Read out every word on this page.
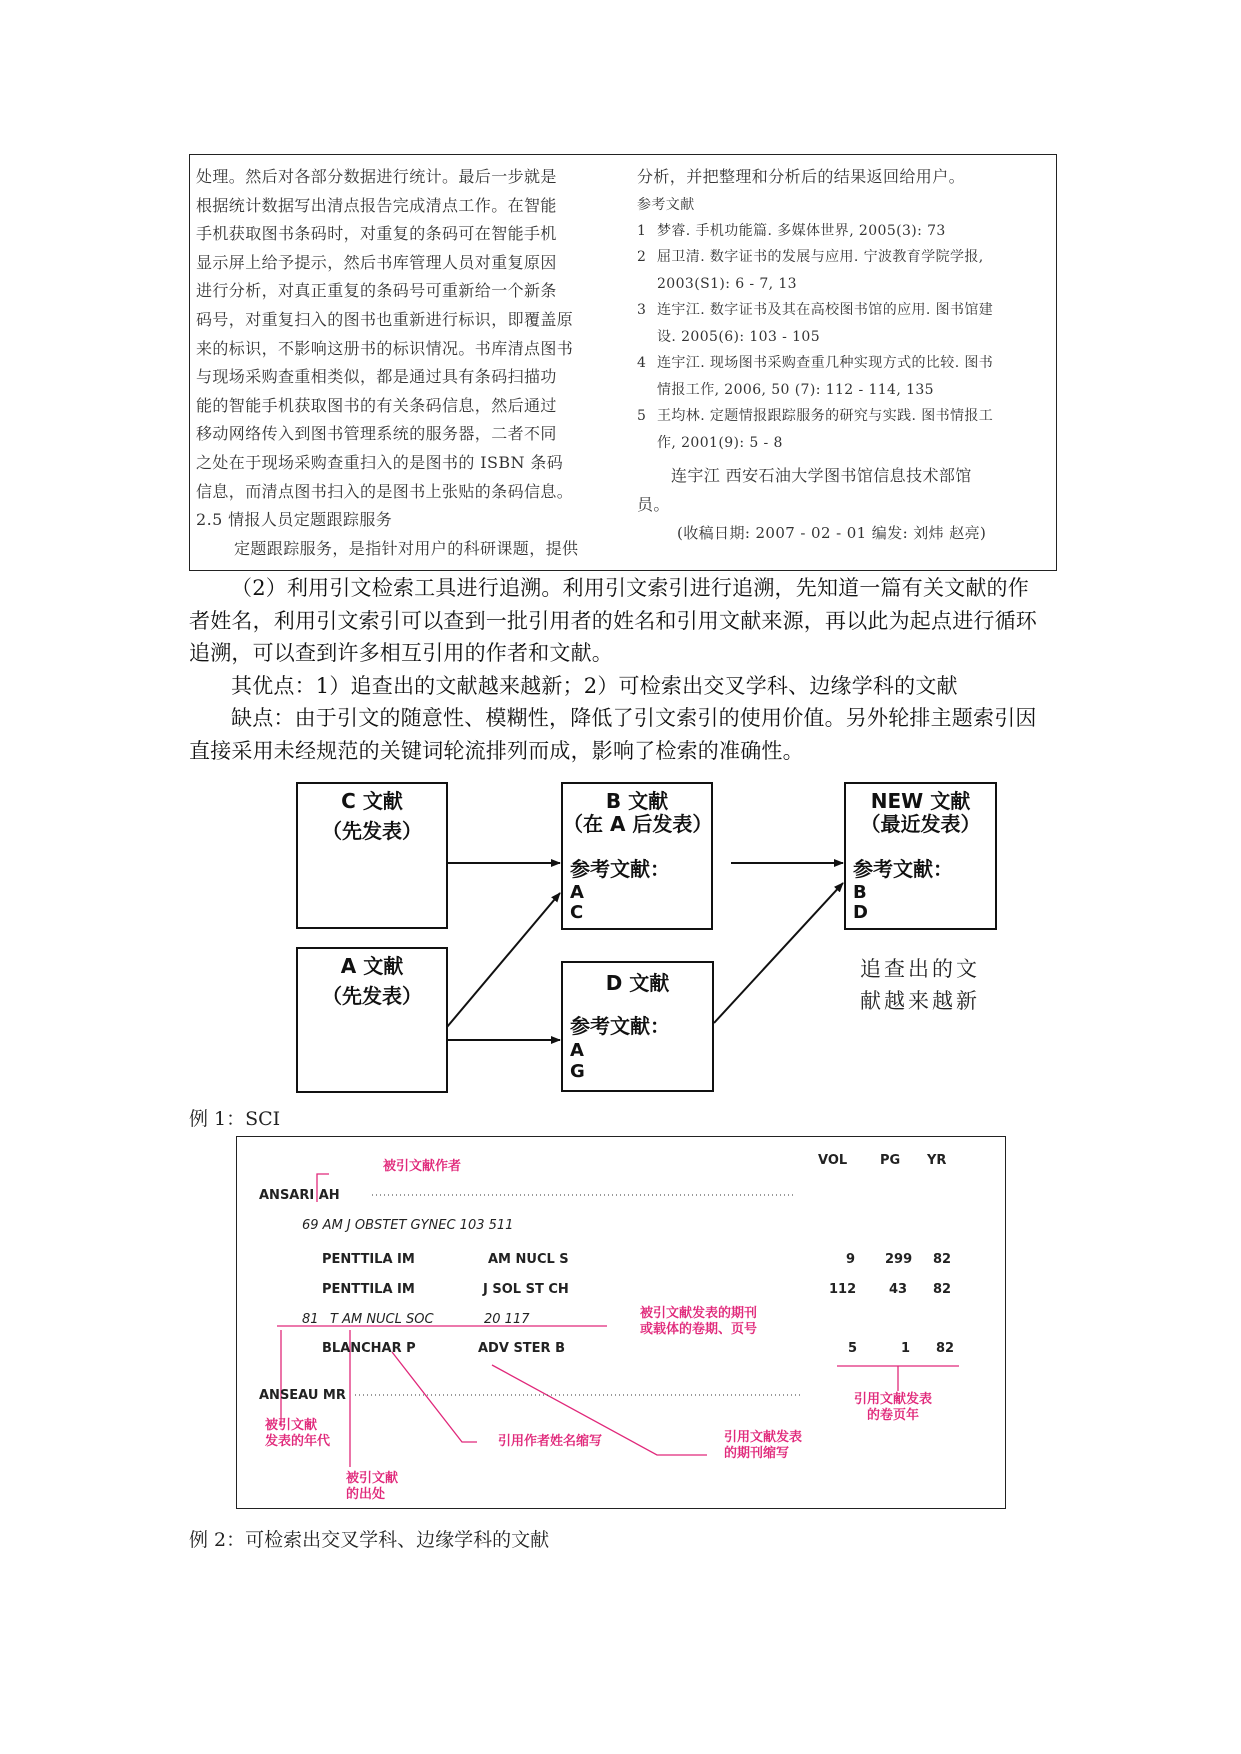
处理。然后对各部分数据进行统计。最后一步就是
根据统计数据写出清点报告完成清点工作。在智能
手机获取图书条码时，对重复的条码可在智能手机
显示屏上给予提示，然后书库管理人员对重复原因
进行分析，对真正重复的条码号可重新给一个新条
码号，对重复扫入的图书也重新进行标识，即覆盖原
来的标识，不影响这册书的标识情况。书库清点图书
与现场采购查重相类似，都是通过具有条码扫描功
能的智能手机获取图书的有关条码信息，然后通过
移动网络传入到图书管理系统的服务器，二者不同
之处在于现场采购查重扫入的是图书的 ISBN 条码
信息，而清点图书扫入的是图书上张贴的条码信息。
2.5 情报人员定题跟踪服务
定题跟踪服务，是指针对用户的科研课题，提供
分析，并把整理和分析后的结果返回给用户。
参考文献
1 梦睿. 手机功能篇. 多媒体世界, 2005(3): 73
2 屈卫清. 数字证书的发展与应用. 宁波教育学院学报,
2003(S1): 6 - 7, 13
3 连宇江. 数字证书及其在高校图书馆的应用. 图书馆建
设. 2005(6): 103 - 105
4 连宇江. 现场图书采购查重几种实现方式的比较. 图书
情报工作, 2006, 50 (7): 112 - 114, 135
5 王均林. 定题情报跟踪服务的研究与实践. 图书情报工
作, 2001(9): 5 - 8
连宇江 西安石油大学图书馆信息技术部馆
员。
(收稿日期: 2007 - 02 - 01 编发: 刘炜 赵亮)
（2）利用引文检索工具进行追溯。利用引文索引进行追溯，先知道一篇有关文献的作
者姓名，利用引文索引可以查到一批引用者的姓名和引用文献来源，再以此为起点进行循环
追溯，可以查到许多相互引用的作者和文献。
其优点：1）追查出的文献越来越新；2）可检索出交叉学科、边缘学科的文献
缺点：由于引文的随意性、模糊性，降低了引文索引的使用价值。另外轮排主题索引因
直接采用未经规范的关键词轮流排列而成，影响了检索的准确性。
C 文献
（先发表）
A 文献
（先发表）
B 文献
（在 A 后发表）
参考文献：
A
C
D 文献
参考文献：
A
G
NEW 文献
（最近发表）
参考文献：
B
D
追查出的文
献越来越新
例 1：SCI
VOL	PG YR
被引文献作者
ANSARI AH
69 AM J OBSTET GYNEC 103 511
PENTTILA IM	AM NUCL S	9 299 82
PENTTILA IM	J SOL ST CH	112	43 82
81 T AM NUCL SOC	20 117	被引文献发表的期刊
或载体的卷期、页号
BLANCHAR P	ADV STER B	5	1 82
ANSEAU MR	引用文献发表
的卷页年
被引文献
发表的年代	引用作者姓名缩写	引用文献发表
的期刊缩写
被引文献
的出处
例 2：可检索出交叉学科、边缘学科的文献
